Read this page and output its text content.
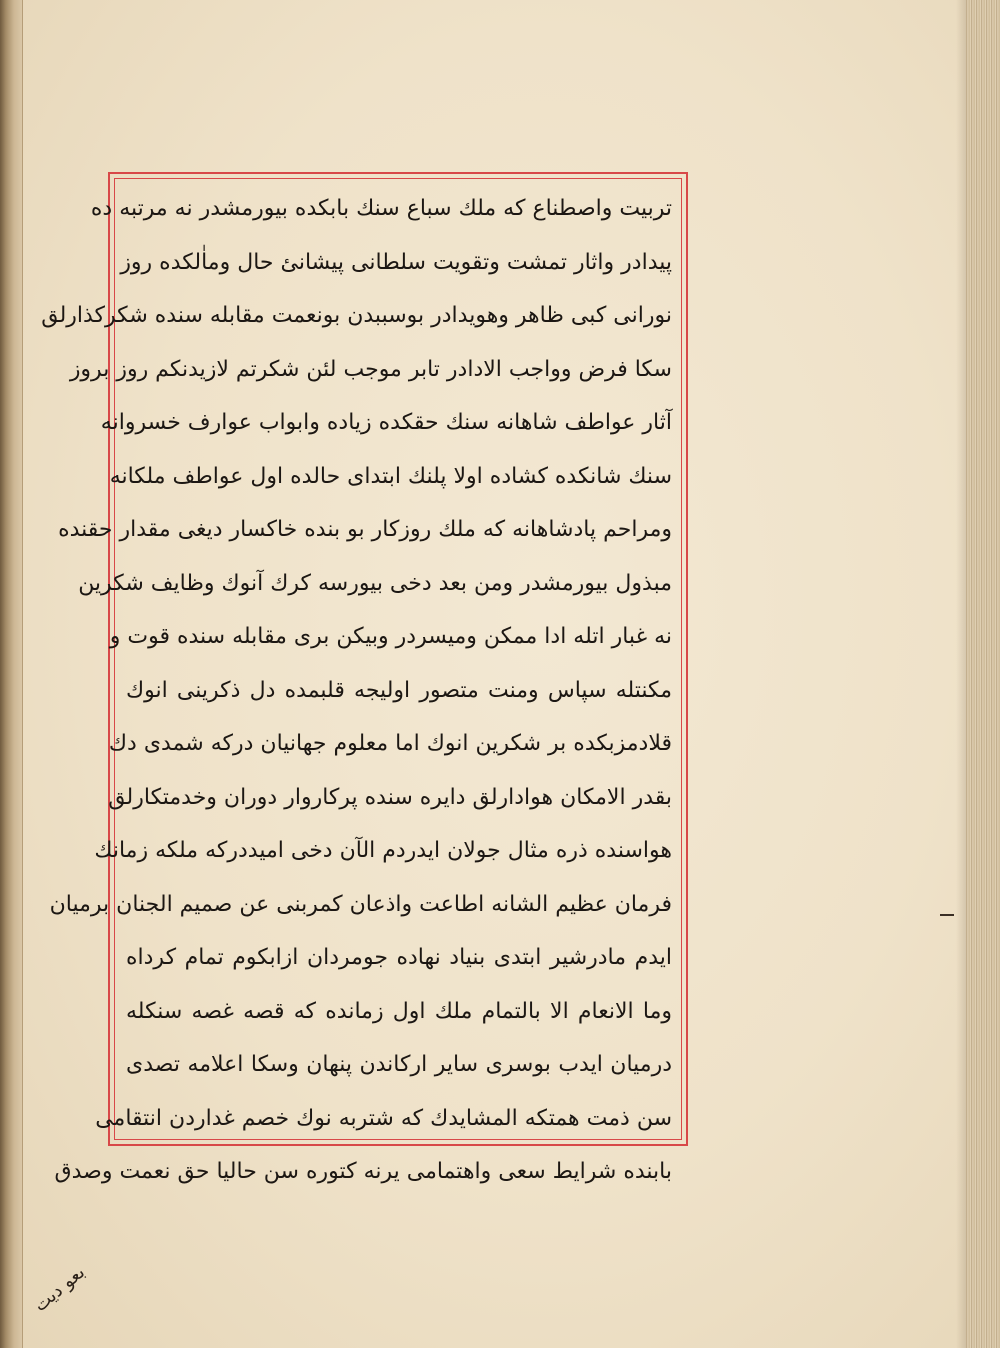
تربیت واصطناع که ملك سباع سنك بابکده بیورمشدر نه مرتبه ده
پیدادر واثار تمشت وتقویت سلطانی پیشانئ حال وماٰلکده روز
نورانی کبی ظاهر وهویدادر بوسببدن بونعمت مقابله سنده شکرکذارلق
سکا فرض وواجب الادادر تابر موجب لئن شکرتم لازیدنکم روز بروز
آثار عواطف شاهانه سنك حقکده زیاده وابواب عوارف خسروانه
سنك شانکده کشاده اولا پلنك ابتدای حالده اول عواطف ملکانه
ومراحم پادشاهانه که ملك روزکار بو بنده خاکسار دیغی مقدار حقنده
مبذول بیورمشدر ومن بعد دخی بیورسه کرك آنوك وظایف شکرین
نه غبار اتله ادا ممکن ومیسردر وبیکن بری مقابله سنده قوت و
مکنتله سپاس ومنت متصور اولیجه قلبمده دل ذکرینی انوك
قلادمزبکده بر شکرین انوك اما معلوم جهانیان درکه شمدی دك
بقدر الامکان هوادارلق دایره سنده پرکاروار دوران وخدمتکارلق
هواسنده ذره مثال جولان ایدردم الآن دخی امیددرکه ملکه زمانك
فرمان عظیم الشانه اطاعت واذعان کمربنی عن صمیم الجنان برمیان
ایدم مادرشیر ابتدی بنیاد نهاده جومردان ازابکوم تمام کرداه
وما الانعام الا بالتمام ملك اول زمانده که قصه غصه سنکله
درمیان ایدب بوسری سایر ارکاندن پنهان وسکا اعلامه تصدی
سن ذمت همتکه المشایدك که شتربه نوك خصم غداردن انتقامی
بابنده شرایط سعی واهتمامی یرنه کتوره سن حالیا حق نعمت وصدق
بعو دیت
